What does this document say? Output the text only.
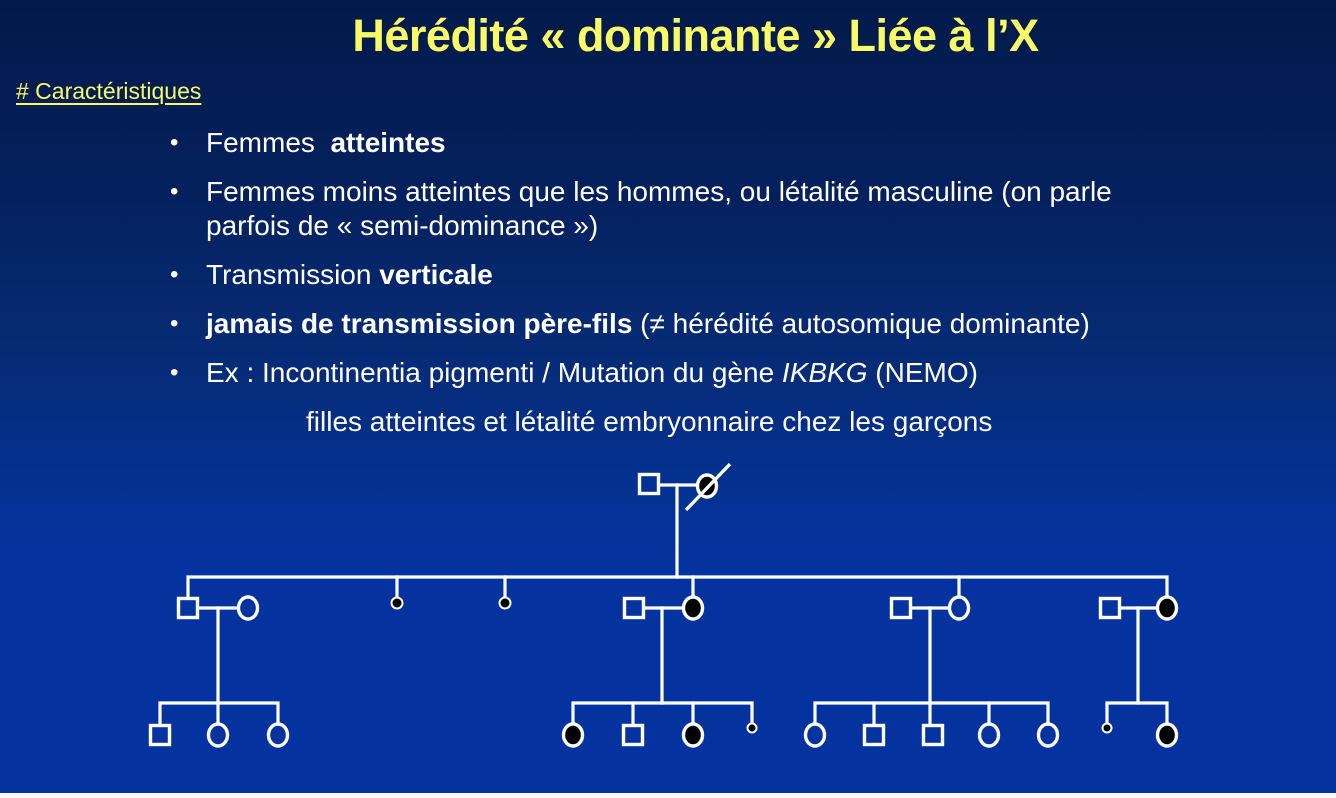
Hérédité « dominante » Liée à l’X
# Caractéristiques
• Femmes  atteintes
• Femmes moins atteintes que les hommes, ou létalité masculine (on parle
parfois de « semi-dominance »)
• Transmission verticale
• jamais de transmission père-fils (≠ hérédité autosomique dominante)
• Ex : Incontinentia pigmenti / Mutation du gène IKBKG (NEMO)
filles atteintes et létalité embryonnaire chez les garçons
